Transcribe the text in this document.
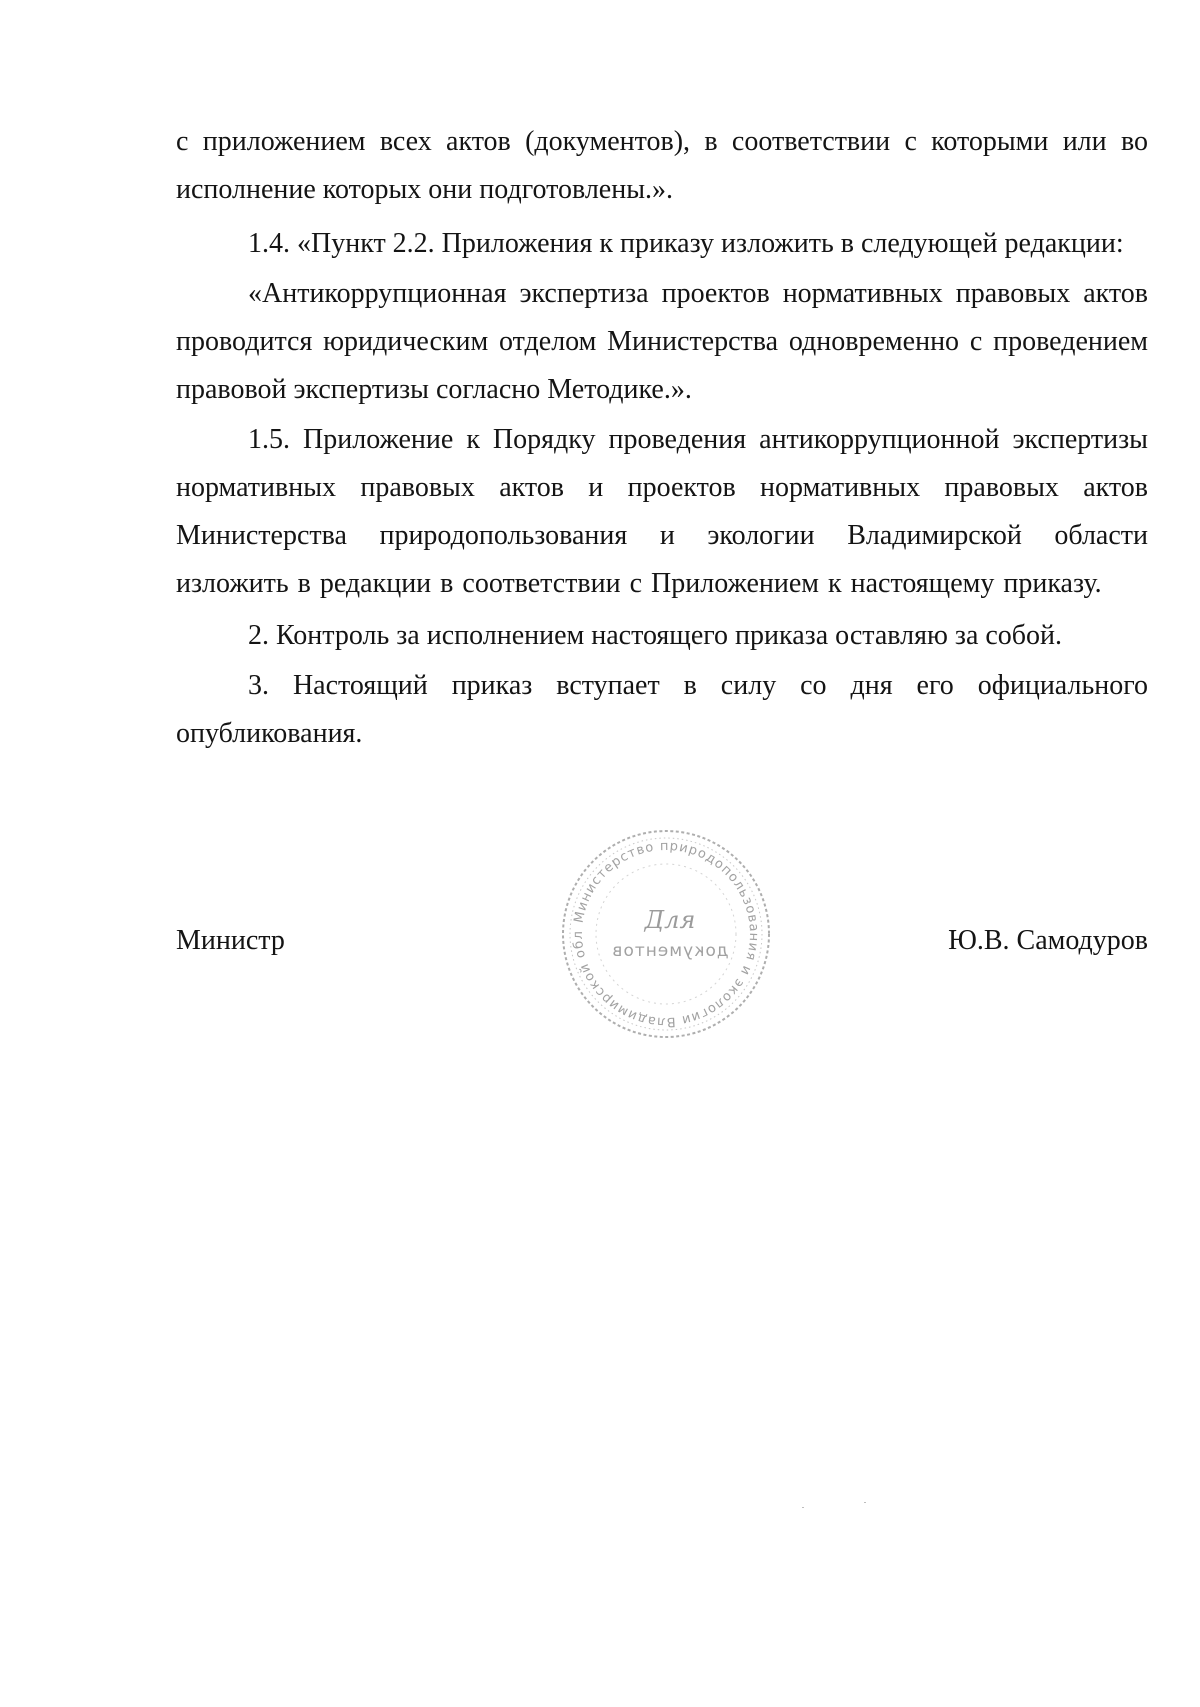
с приложением всех актов (документов), в соответствии с которыми или во исполнение которых они подготовлены.».

1.4. «Пункт 2.2. Приложения к приказу изложить в следующей редакции:

«Антикоррупционная экспертиза проектов нормативных правовых актов проводится юридическим отделом Министерства одновременно с проведением правовой экспертизы согласно Методике.».

1.5. Приложение к Порядку проведения антикоррупционной экспертизы нормативных правовых актов и проектов нормативных правовых актов Министерства природопользования и экологии Владимирской области изложить в редакции в соответствии с Приложением к настоящему приказу.

2. Контроль за исполнением настоящего приказа оставляю за собой.

3. Настоящий приказ вступает в силу со дня его официального опубликования.

Министр	Ю.В. Самодуров
Министерство природопользования и экологии Владимирской обл
Для
документов
